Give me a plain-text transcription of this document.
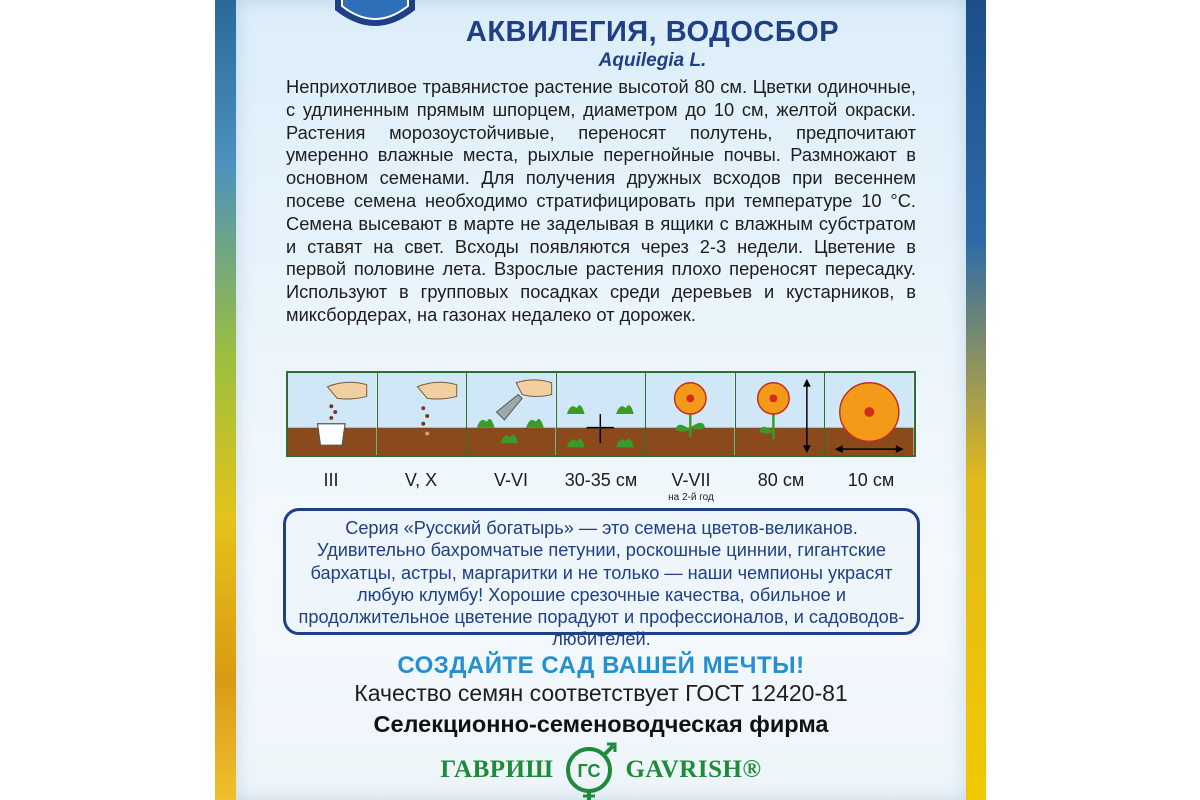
АКВИЛЕГИЯ, ВОДОСБОР
Aquilegia L.
Неприхотливое травянистое растение высотой 80 см. Цветки одиночные, с удлиненным прямым шпорцем, диаметром до 10 см, желтой окраски. Растения морозоустойчивые, переносят полутень, предпочитают умеренно влажные места, рыхлые перегнойные почвы. Размножают в основном семенами. Для получения дружных всходов при весеннем посеве семена необходимо стратифицировать при температуре 10 °С. Семена высевают в марте не заделывая в ящики с влажным субстратом и ставят на свет. Всходы появляются через 2-3 недели. Цветение в первой половине лета. Взрослые растения плохо переносят пересадку. Используют в групповых посадках среди деревьев и кустарников, в миксбордерах, на газонах недалеко от дорожек.
III	V, X	V-VI	30-35 см	V-VII
на 2-й год
80 см	10 см
Серия «Русский богатырь» — это семена цветов-великанов. Удивительно бахромчатые петунии, роскошные циннии, гигантские бархатцы, астры, маргаритки и не только — наши чемпионы украсят любую клумбу! Хорошие срезочные качества, обильное и продолжительное цветение порадуют и профессионалов, и садоводов-любителей.
СОЗДАЙТЕ САД ВАШЕЙ МЕЧТЫ!
Качество семян соответствует ГОСТ 12420-81
Селекционно-семеноводческая фирма
ГАВРИШ ГС GAVRISH®
